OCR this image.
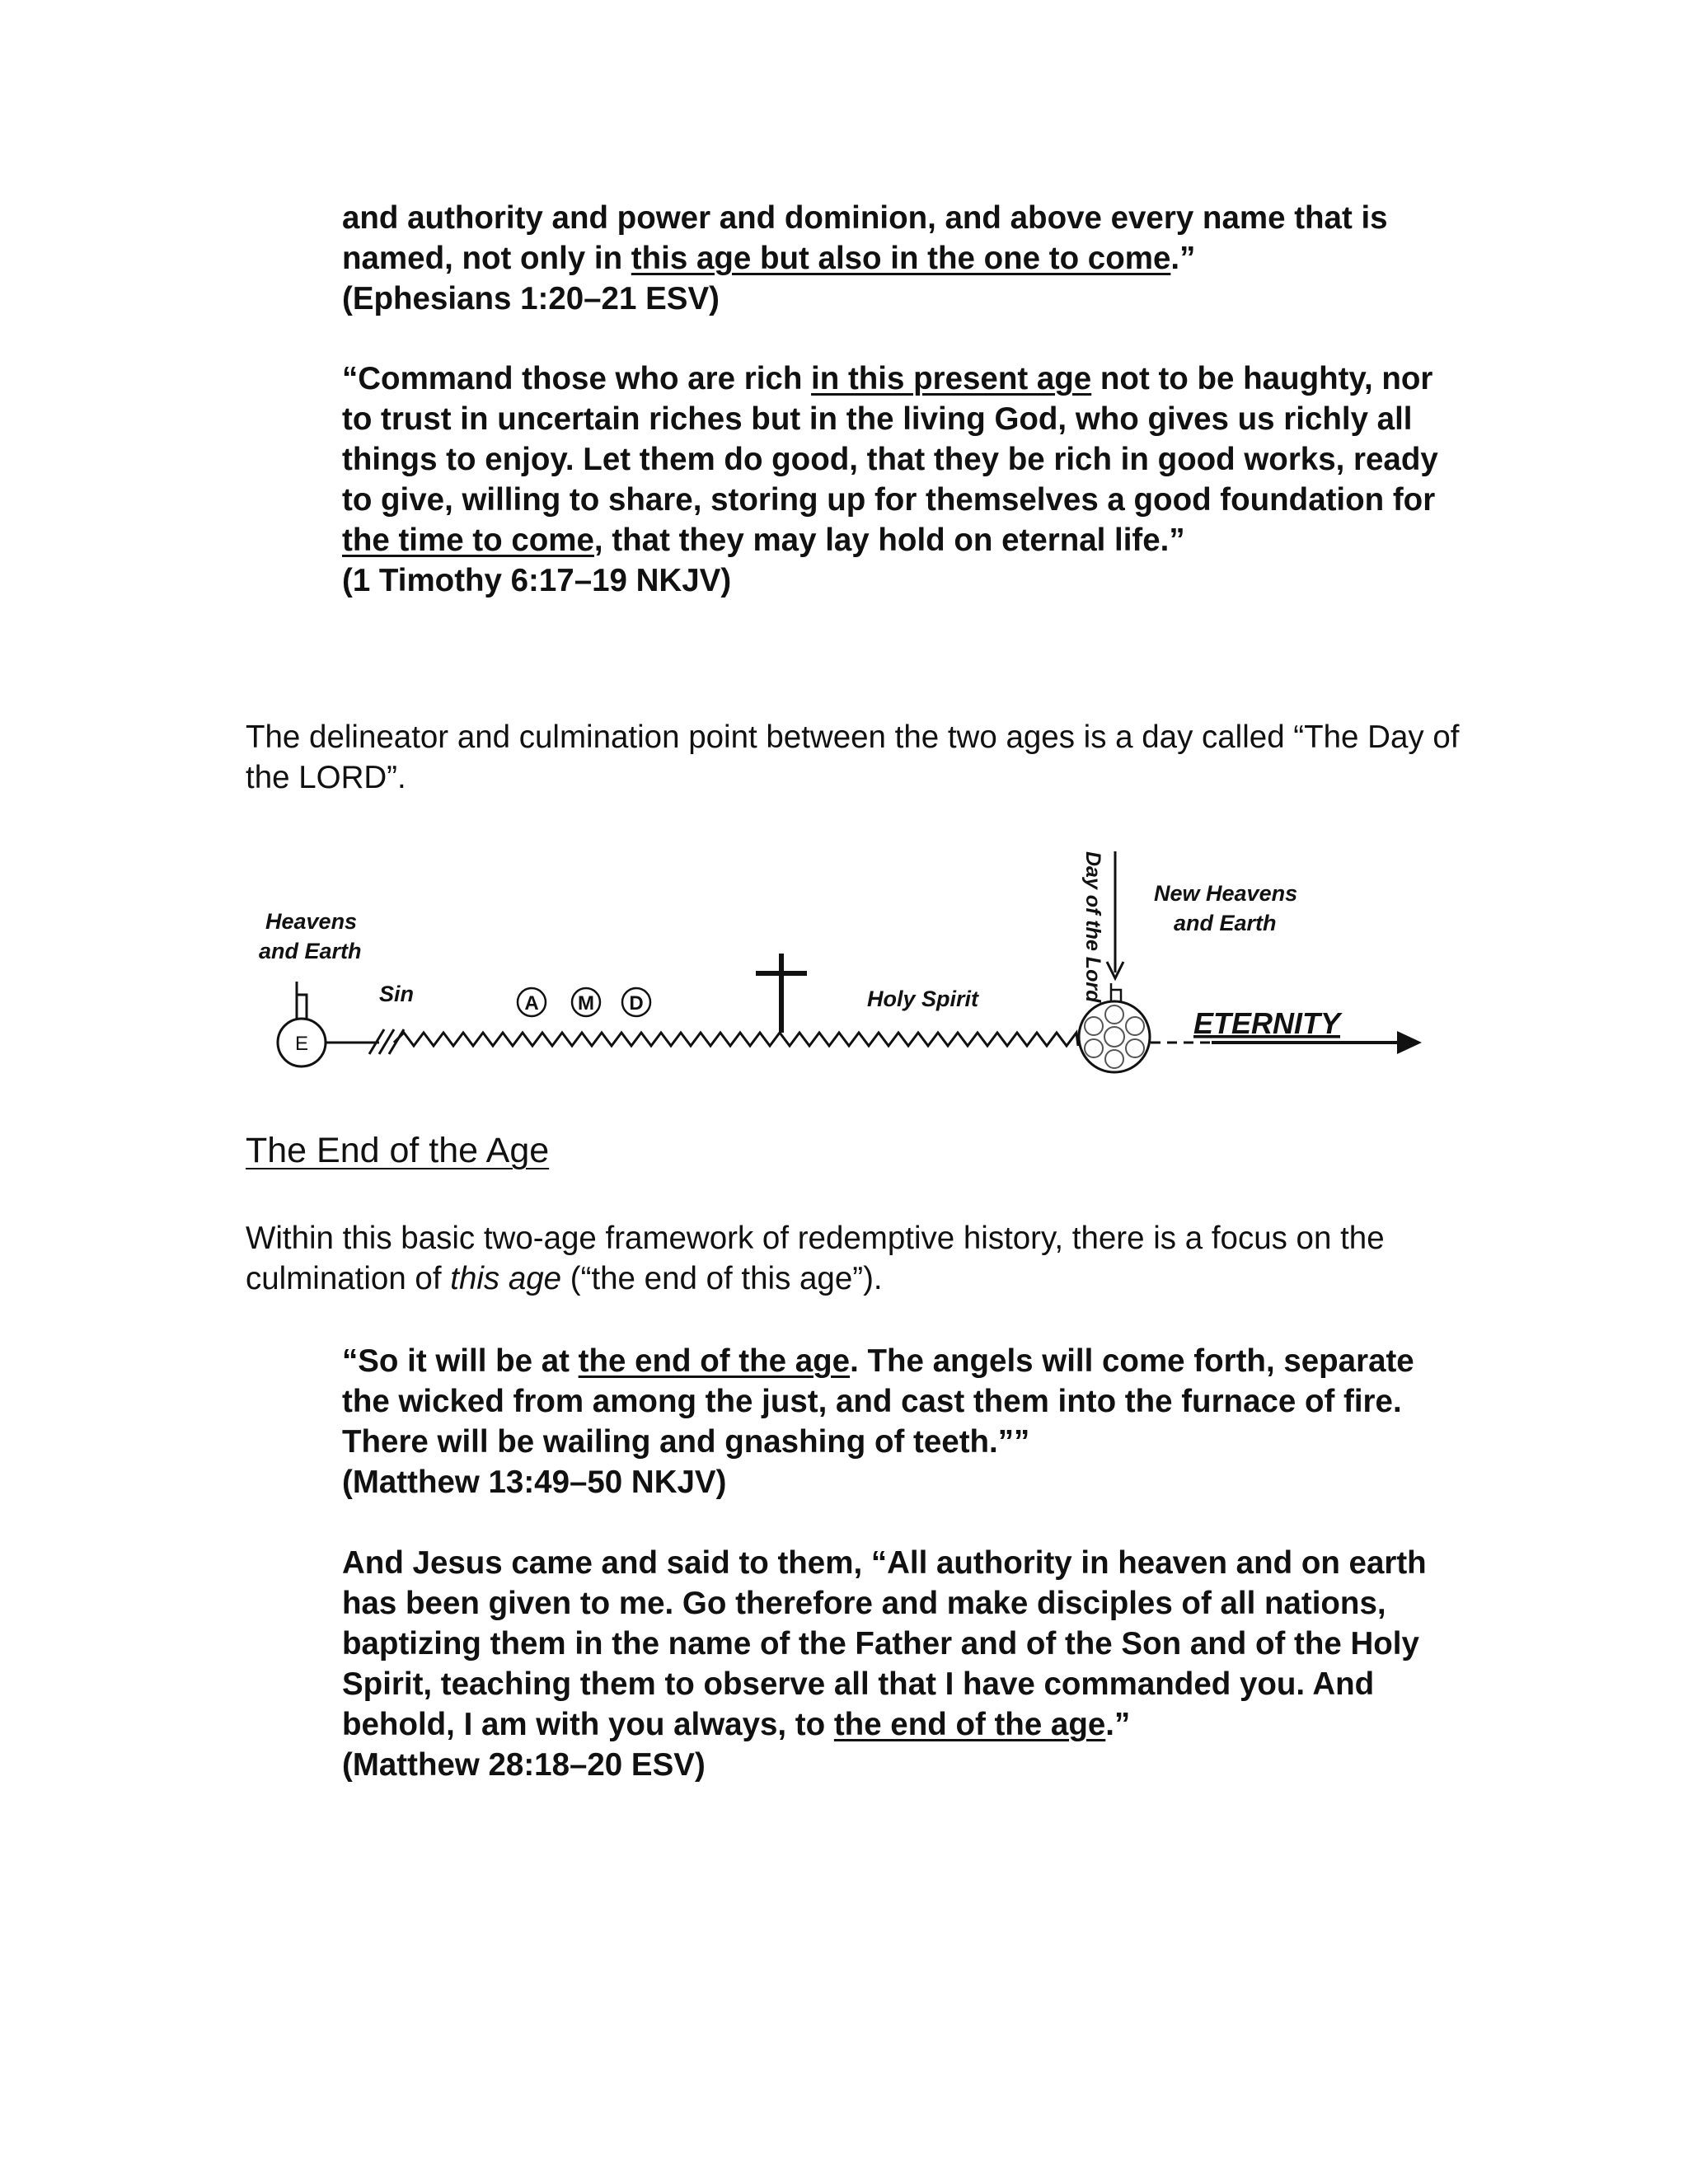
and authority and power and dominion, and above every name that is

named, not only in this age but also in the one to come.”

(Ephesians 1:20–21 ESV)

“Command those who are rich in this present age not to be haughty, nor to trust in uncertain riches but in the living God, who gives us richly all things to enjoy. Let them do good, that they be rich in good works, ready to give, willing to share, storing up for themselves a good foundation for the time to come, that they may lay hold on eternal life.”

(1 Timothy 6:17–19 NKJV)

The delineator and culmination point between the two ages is a day called “The Day of the LORD”.

Heavens
and Earth
E
Sin	A M D	Holy Spirit	Day of the Lord New Heavens
and Earth
ETERNITY
The End of the Age

Within this basic two-age framework of redemptive history, there is a focus on the culmination of this age (“the end of this age”).

“So it will be at the end of the age. The angels will come forth, separate the wicked from among the just, and cast them into the furnace of fire. There will be wailing and gnashing of teeth.””

(Matthew 13:49–50 NKJV)

And Jesus came and said to them, “All authority in heaven and on earth has been given to me. Go therefore and make disciples of all nations, baptizing them in the name of the Father and of the Son and of the Holy Spirit, teaching them to observe all that I have commanded you. And behold, I am with you always, to the end of the age.”

(Matthew 28:18–20 ESV)
